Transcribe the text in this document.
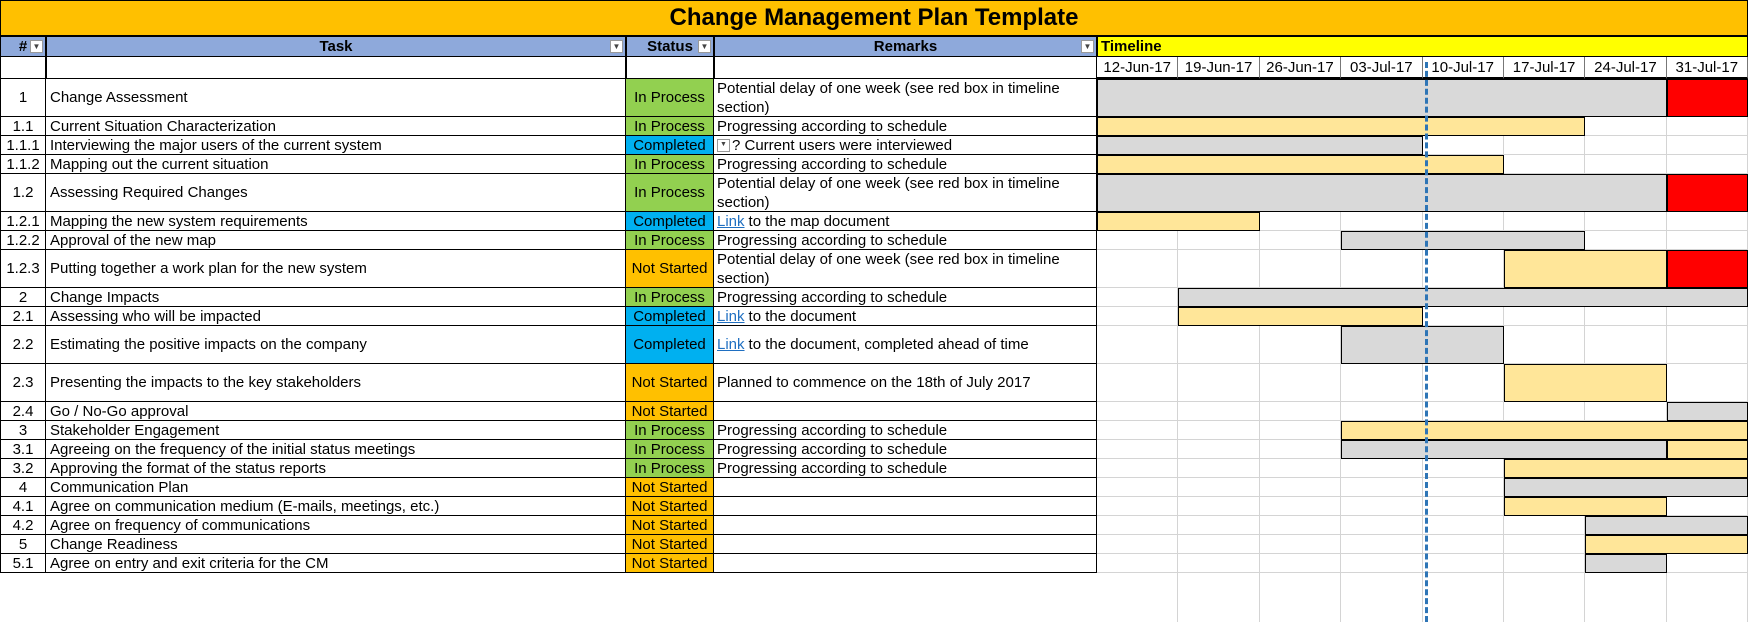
Change Management Plan Template
# ▼	Task	▼ Status ▼	Remarks	▼ Timeline
12-Jun-17 19-Jun-17 26-Jun-17	03-Jul-17	10-Jul-17	17-Jul-17	24-Jul-17	31-Jul-17
1	Change Assessment	In Process
Potential delay of one week (see red box in timeline section)
1.1	Current Situation Characterization	In Process Progressing according to schedule
1.1.1 Interviewing the major users of the current system	Completed	▼ ? Current users were interviewed
1.1.2 Mapping out the current situation	In Process Progressing according to schedule
1.2	Assessing Required Changes	In Process
Potential delay of one week (see red box in timeline section)
1.2.1 Mapping the new system requirements	Completed Link to the map document
1.2.2 Approval of the new map	In Process Progressing according to schedule
1.2.3 Putting together a work plan for the new system	Not Started
Potential delay of one week (see red box in timeline section)
2	Change Impacts	In Process Progressing according to schedule
2.1	Assessing who will be impacted	Completed Link to the document
2.2	Estimating the positive impacts on the company	Completed Link to the document, completed ahead of time
2.3	Presenting the impacts to the key stakeholders	Not Started Planned to commence on the 18th of July 2017
2.4	Go / No-Go approval	Not Started
3	Stakeholder Engagement	In Process Progressing according to schedule
3.1	Agreeing on the frequency of the initial status meetings	In Process Progressing according to schedule
3.2	Approving the format of the status reports	In Process Progressing according to schedule
4	Communication Plan	Not Started
4.1	Agree on communication medium (E-mails, meetings, etc.)	Not Started
4.2	Agree on frequency of communications	Not Started
5	Change Readiness	Not Started
5.1	Agree on entry and exit criteria for the CM	Not Started
